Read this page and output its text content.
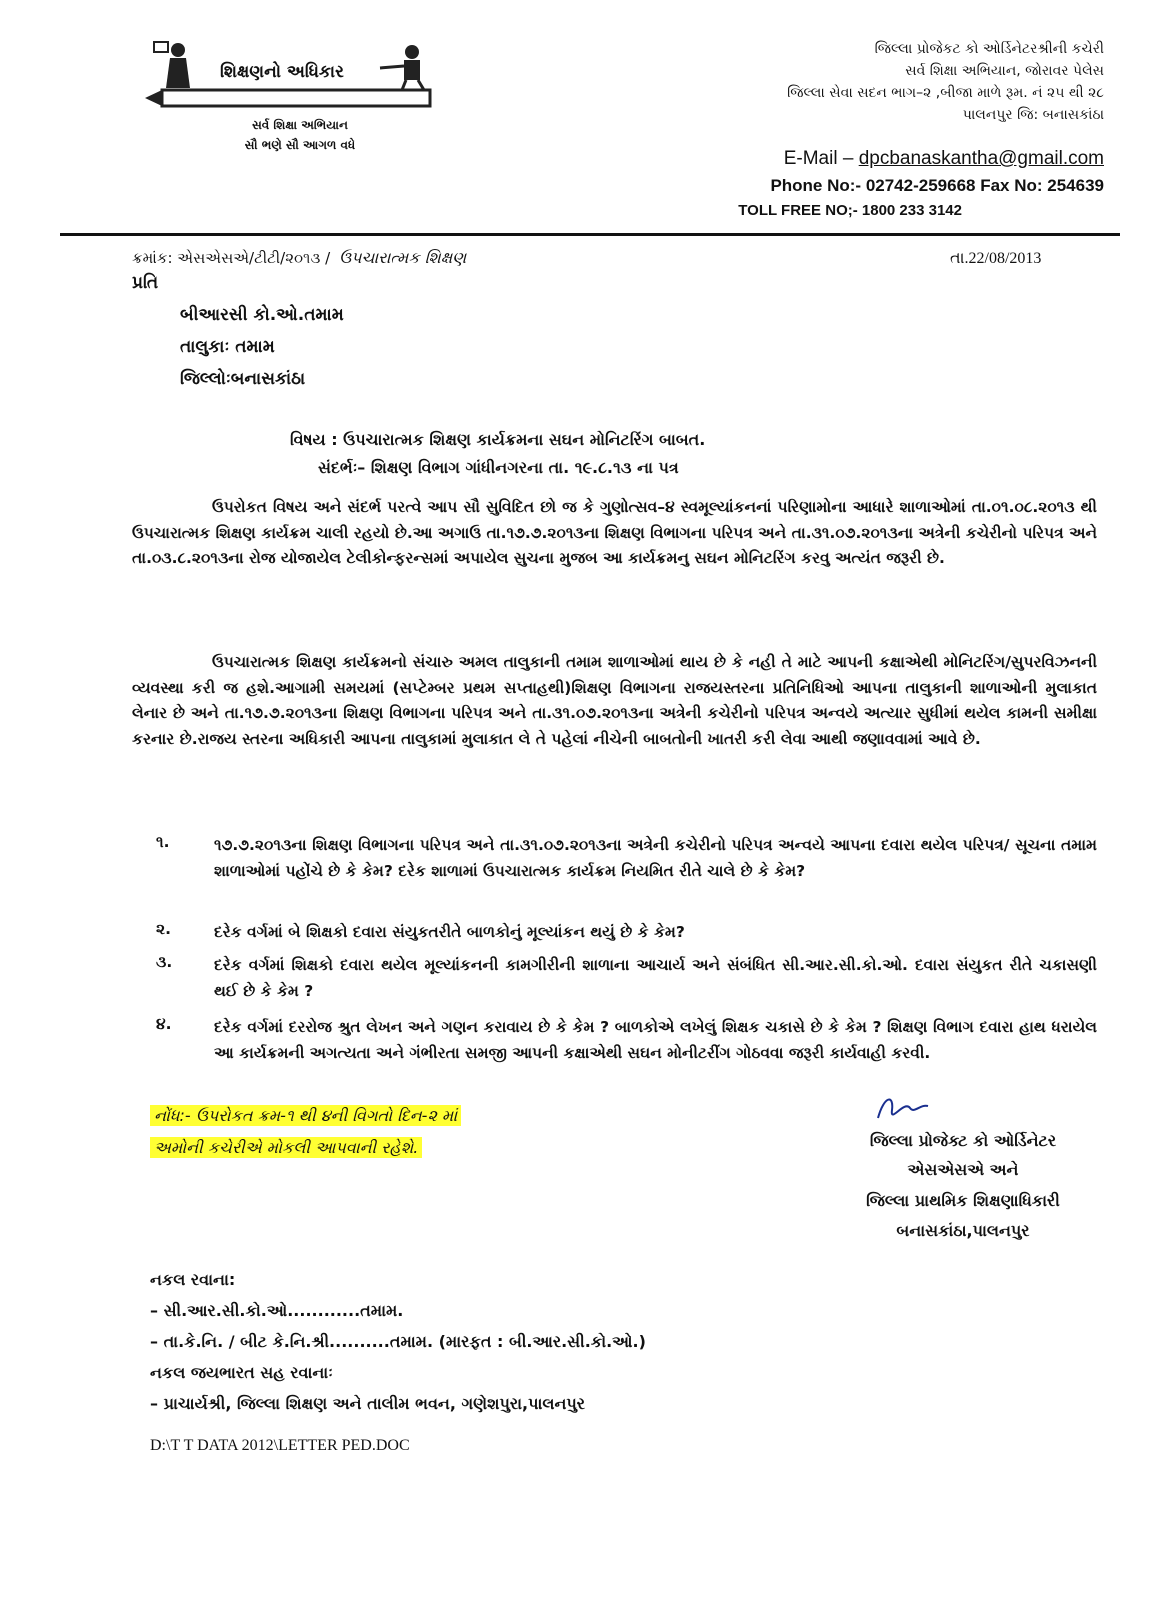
શિક્ષણનો અધિકાર
સર્વ શિક્ષા અભિયાન
સૌ ભણે સૌ આગળ વધે
જિલ્લા પ્રોજેકટ કો ઓર્ડિનેટરશ્રીની કચેરી
સર્વ શિક્ષા અભિયાન, જોરાવર પેલેસ
જિલ્લા સેવા સદન ભાગ–૨ ,બીજા માળે રૂમ. નં ૨૫ થી ૨૮
પાલનપુર જિ: બનાસકાંઠા
E-Mail – dpcbanaskantha@gmail.com
Phone No:- 02742-259668 Fax No: 254639
TOLL FREE NO;- 1800 233 3142
ક્રમાંક: એસએસએ/ટીટી/૨૦૧૩ / ઉપચારાત્મક શિક્ષણ	તા.22/08/2013
પ્રતિ
બીઆરસી કો.ઓ.તમામ
તાલુકાઃ તમામ
જિલ્લોઃબનાસકાંઠા
વિષય : ઉપચારાત્મક શિક્ષણ કાર્યક્રમના સઘન મોનિટરિંગ બાબત.
સંદર્ભઃ– શિક્ષણ વિભાગ ગાંધીનગરના તા. ૧૯.૮.૧૩ ના પત્ર
ઉપરોકત વિષય અને સંદર્ભ પરત્વે આપ સૌ સુવિદિત છો જ કે ગુણોત્સવ–૪ સ્વમૂલ્યાંકનનાં પરિણામોના આધારે શાળાઓમાં તા.૦૧.૦૮.૨૦૧૩ થી ઉપચારાત્મક શિક્ષણ કાર્યક્રમ ચાલી રહયો છે.આ અગાઉ તા.૧૭.૭.૨૦૧૩ના શિક્ષણ વિભાગના પરિપત્ર અને તા.૩૧.૦૭.૨૦૧૩ના અત્રેની કચેરીનો પરિપત્ર અને તા.૦૩.૮.૨૦૧૩ના રોજ યોજાયેલ ટેલીકોન્ફરન્સમાં અપાયેલ સુચના મુજબ આ કાર્યક્રમનુ સઘન મોનિટરિંગ કરવુ અત્યંત જરૂરી છે.
ઉપચારાત્મક શિક્ષણ કાર્યક્રમનો સંચારુ અમલ તાલુકાની તમામ શાળાઓમાં થાય છે કે નહી તે માટે આપની કક્ષાએથી મોનિટરિંગ/સુપરવિઝનની વ્યવસ્થા કરી જ હશે.આગામી સમયમાં (સપ્ટેમ્બર પ્રથમ સપ્તાહથી)શિક્ષણ વિભાગના રાજયસ્તરના પ્રતિનિધિઓ આપના તાલુકાની શાળાઓની મુલાકાત લેનાર છે અને તા.૧૭.૭.૨૦૧૩ના શિક્ષણ વિભાગના પરિપત્ર અને તા.૩૧.૦૭.૨૦૧૩ના અત્રેની કચેરીનો પરિપત્ર અન્વયે અત્યાર સુધીમાં થયેલ કામની સમીક્ષા કરનાર છે.રાજય સ્તરના અધિકારી આપના તાલુકામાં મુલાકાત લે તે પહેલાં નીચેની બાબતોની ખાતરી કરી લેવા આથી જણાવવામાં આવે છે.
૧.	૧૭.૭.૨૦૧૩ના શિક્ષણ વિભાગના પરિપત્ર અને તા.૩૧.૦૭.૨૦૧૩ના અત્રેની કચેરીનો પરિપત્ર અન્વયે આપના દવારા થયેલ પરિપત્ર/ સૂચના તમામ શાળાઓમાં પહોંચે છે કે કેમ? દરેક શાળામાં ઉપચારાત્મક કાર્યક્રમ નિયમિત રીતે ચાલે છે કે કેમ?
૨.	દરેક વર્ગમાં બે શિક્ષકો દવારા સંયુકતરીતે બાળકોનું મૂલ્યાંકન થયું છે કે કેમ?
૩.	દરેક વર્ગમાં શિક્ષકો દવારા થયેલ મૂલ્યાંકનની કામગીરીની શાળાના આચાર્ય અને સંબંધિત સી.આર.સી.કો.ઓ. દવારા સંયુકત રીતે ચકાસણી થઈ છે કે કેમ ?
૪.	દરેક વર્ગમાં દરરોજ શ્રુત લેખન અને ગણન કરાવાય છે કે કેમ ? બાળકોએ લખેલું શિક્ષક ચકાસે છે કે કેમ ? શિક્ષણ વિભાગ દવારા હાથ ધરાયેલ આ કાર્યક્રમની અગત્યતા અને ગંભીરતા સમજી આપની કક્ષાએથી સઘન મોનીટરીંગ ગોઠવવા જરૂરી કાર્યવાહી કરવી.
નોંધ:- ઉપરોકત ક્રમ-૧ થી ૪ની વિગતો દિન-૨ માં
અમોની કચેરીએ મોકલી આપવાની રહેશે.	જિલ્લા પ્રોજેક્ટ કો ઓર્ડિનેટર
એસએસએ અને
જિલ્લા પ્રાથમિક શિક્ષણાધિકારી
બનાસકાંઠા,પાલનપુર
નકલ રવાના:
– સી.આર.સી.કો.ઓ............તમામ.
– તા.કે.નિ. / બીટ કે.નિ.શ્રી..........તમામ. (મારફત : બી.આર.સી.કો.ઓ.)
નકલ જયભારત સહ રવાનાઃ
– પ્રાચાર્યશ્રી, જિલ્લા શિક્ષણ અને તાલીમ ભવન, ગણેશપુરા,પાલનપુર
D:\T T DATA 2012\LETTER PED.DOC
